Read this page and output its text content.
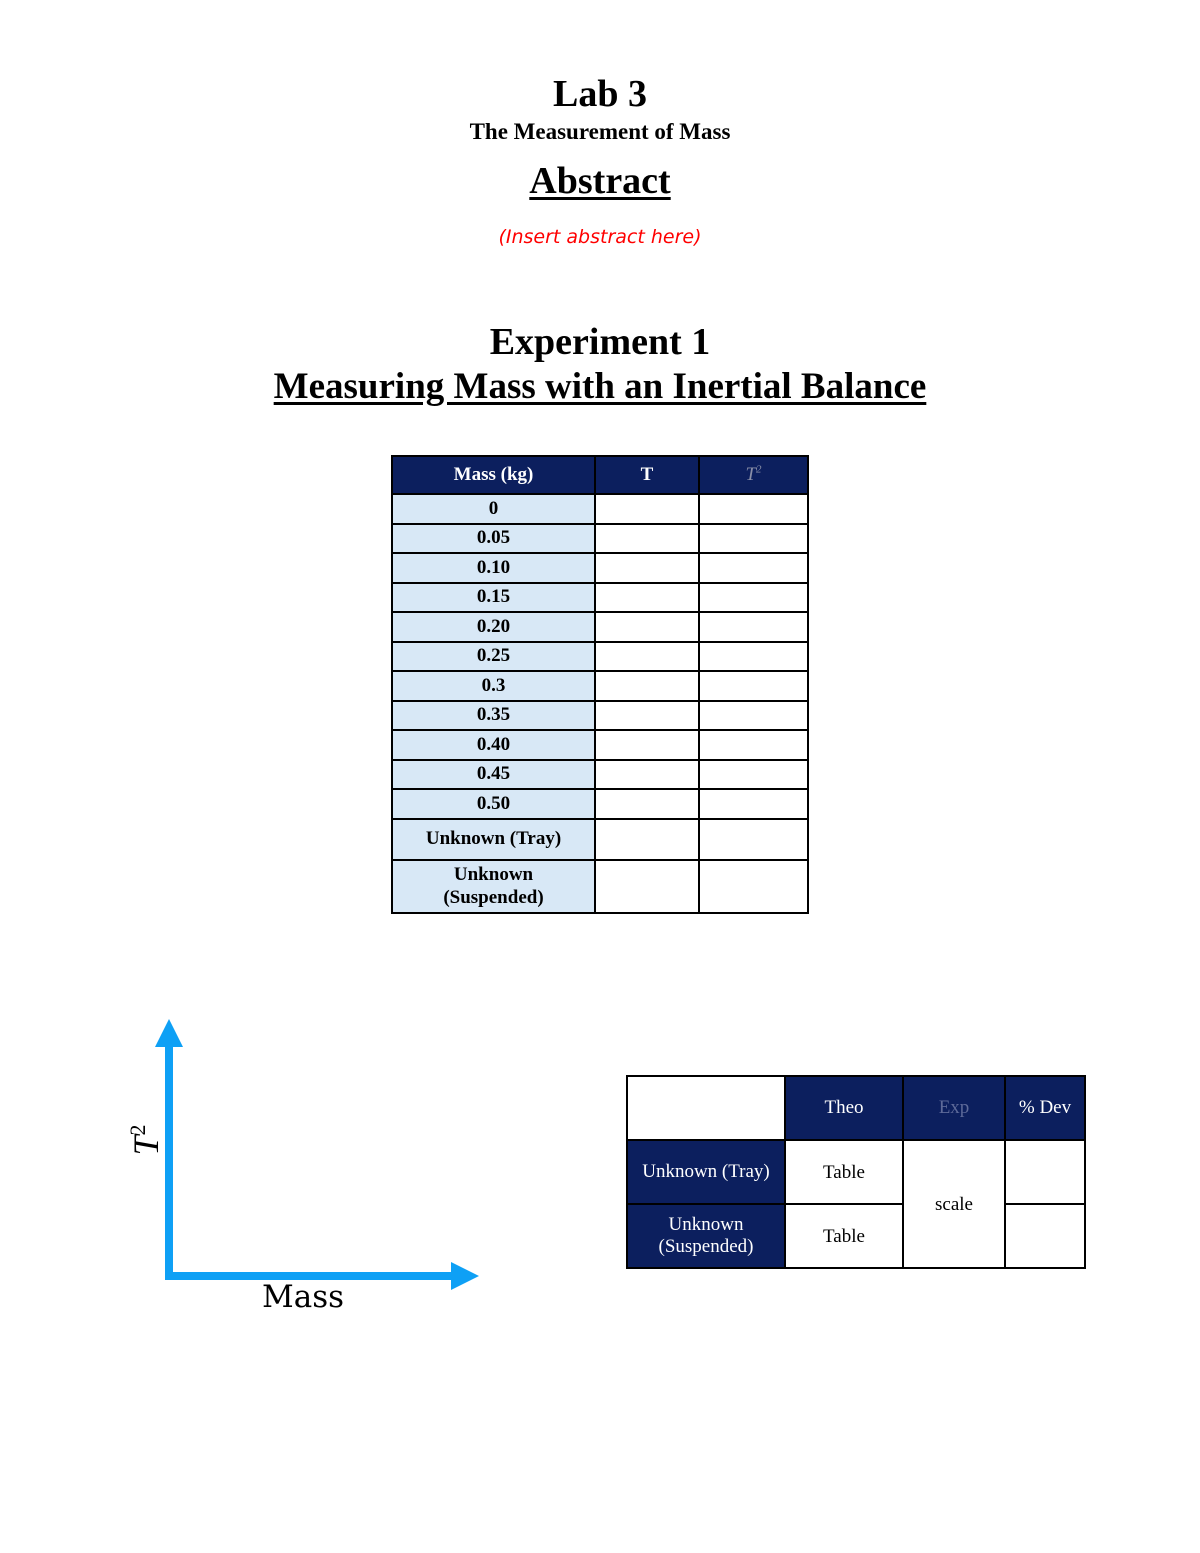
Lab 3
The Measurement of Mass
Abstract
(Insert abstract here)
Experiment 1
Measuring Mass with an Inertial Balance
Mass (kg)	T	$T^2$
0		
0.05		
0.10		
0.15		
0.20		
0.25		
0.3		
0.35		
0.40		
0.45		
0.50		
Unknown (Tray)		
Unknown
(Suspended)		
$T^2$
Mass
	Theo	Exp	% Dev
Unknown (Tray)	Table	scale	
Unknown
(Suspended)	Table		
